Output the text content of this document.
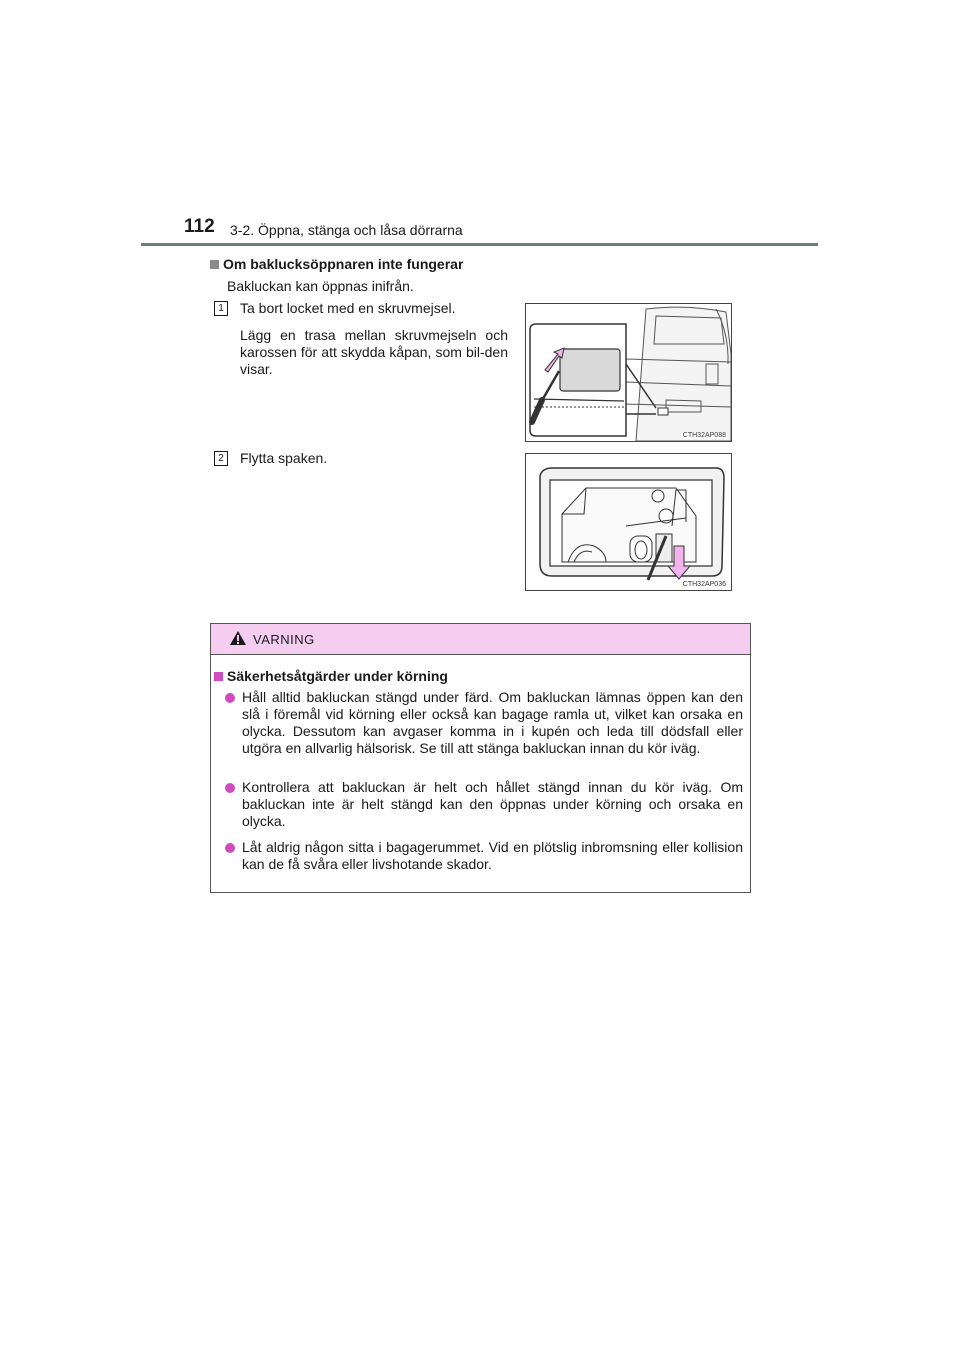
112 3-2. Öppna, stänga och låsa dörrarna
Om baklucksöppnaren inte fungerar
Bakluckan kan öppnas inifrån.
1	Ta bort locket med en skruvmejsel.
Lägg en trasa mellan skruvmejseln och karossen för att skydda kåpan, som bil-den visar.
CTH32AP088
2	Flytta spaken.
CTH32AP036
VARNING
Säkerhetsåtgärder under körning
Håll alltid bakluckan stängd under färd. Om bakluckan lämnas öppen kan den slå i föremål vid körning eller också kan bagage ramla ut, vilket kan orsaka en olycka. Dessutom kan avgaser komma in i kupén och leda till dödsfall eller utgöra en allvarlig hälsorisk. Se till att stänga bakluckan innan du kör iväg.
Kontrollera att bakluckan är helt och hållet stängd innan du kör iväg. Om bakluckan inte är helt stängd kan den öppnas under körning och orsaka en olycka.
Låt aldrig någon sitta i bagagerummet. Vid en plötslig inbromsning eller kollision kan de få svåra eller livshotande skador.
